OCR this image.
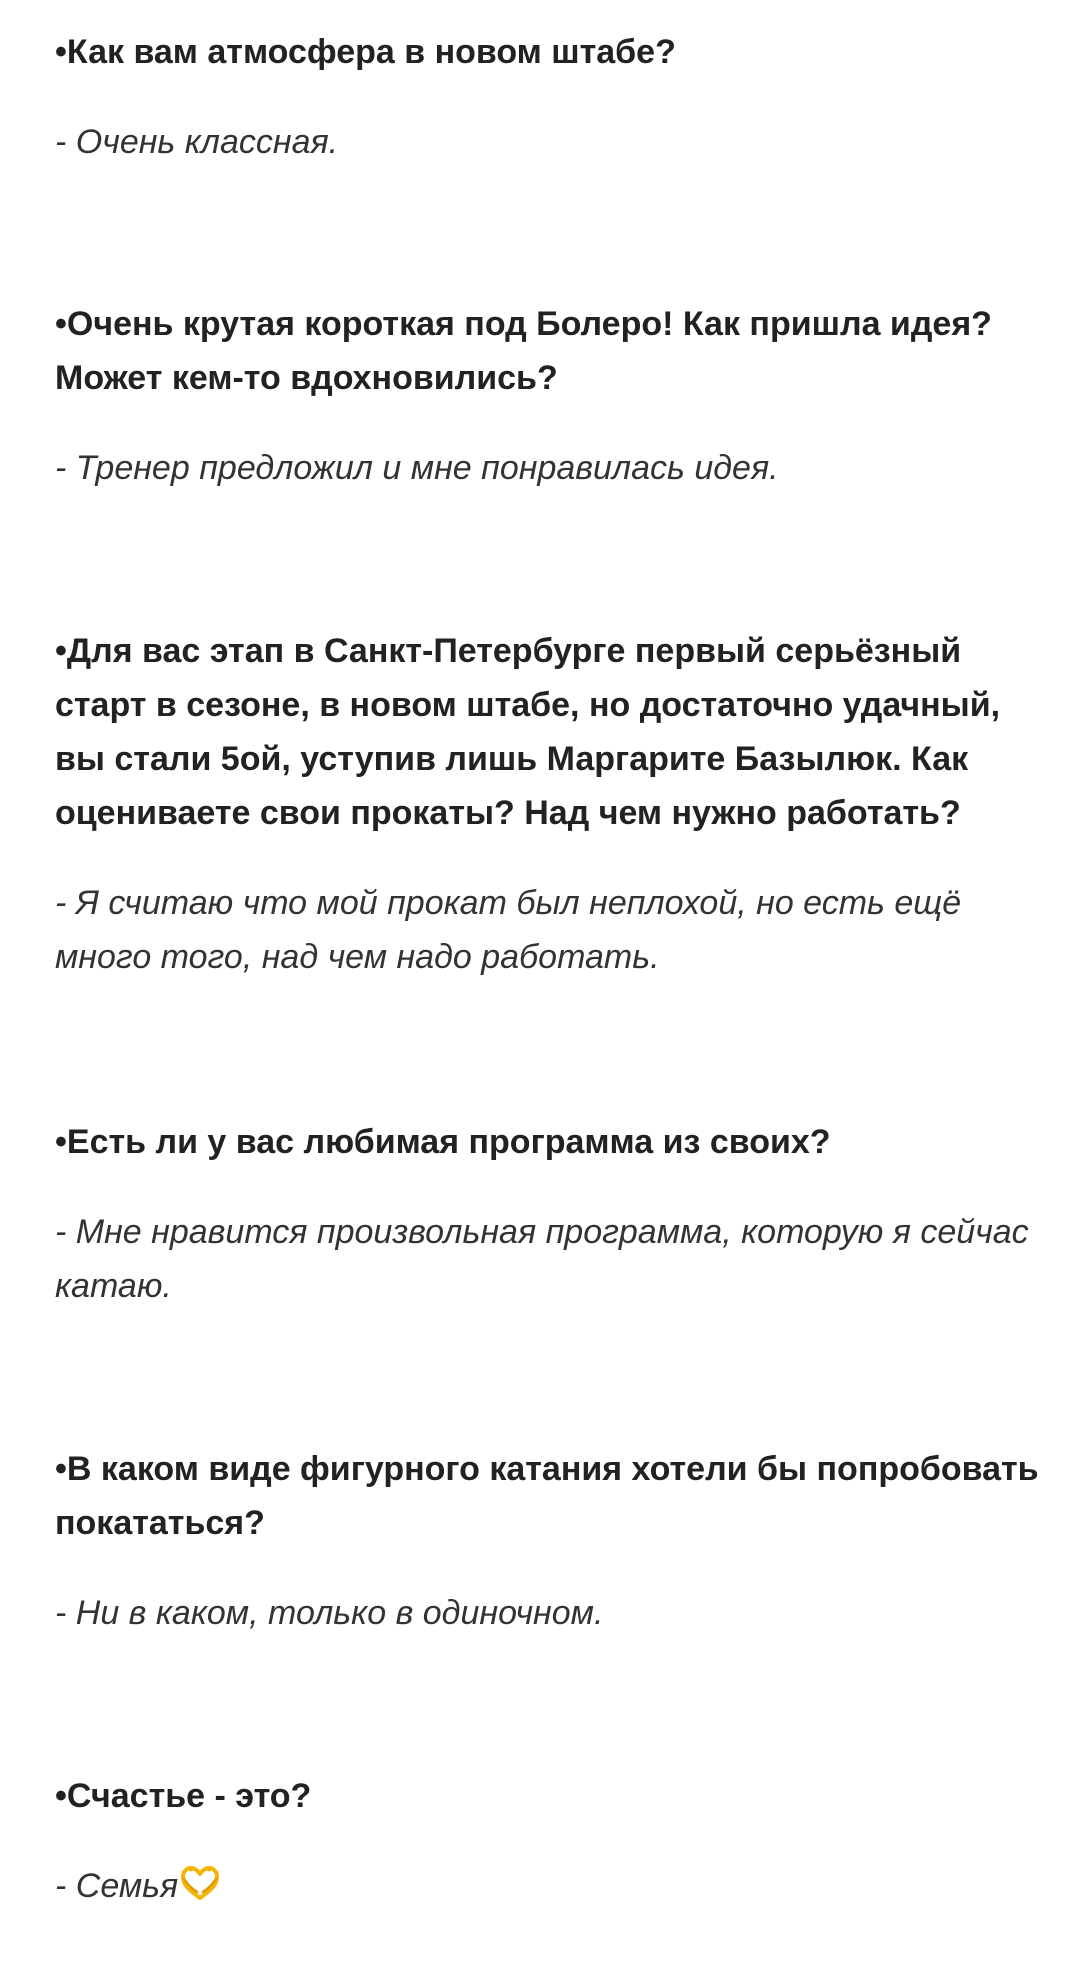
•Как вам атмосфера в новом штабе?

- Очень классная.

•Очень крутая короткая под Болеро! Как пришла идея? Может кем-то вдохновились?

- Тренер предложил и мне понравилась идея.

•Для вас этап в Санкт-Петербурге первый серьёзный старт в сезоне, в новом штабе, но достаточно удачный, вы стали 5ой, уступив лишь Маргарите Базылюк. Как оцениваете свои прокаты? Над чем нужно работать?

- Я считаю что мой прокат был неплохой, но есть ещё много того, над чем надо работать.

•Есть ли у вас любимая программа из своих?

- Мне нравится произвольная программа, которую я сейчас катаю.

•В каком виде фигурного катания хотели бы попробовать покататься?

- Ни в каком, только в одиночном.

•Счастье - это?

- Семья
